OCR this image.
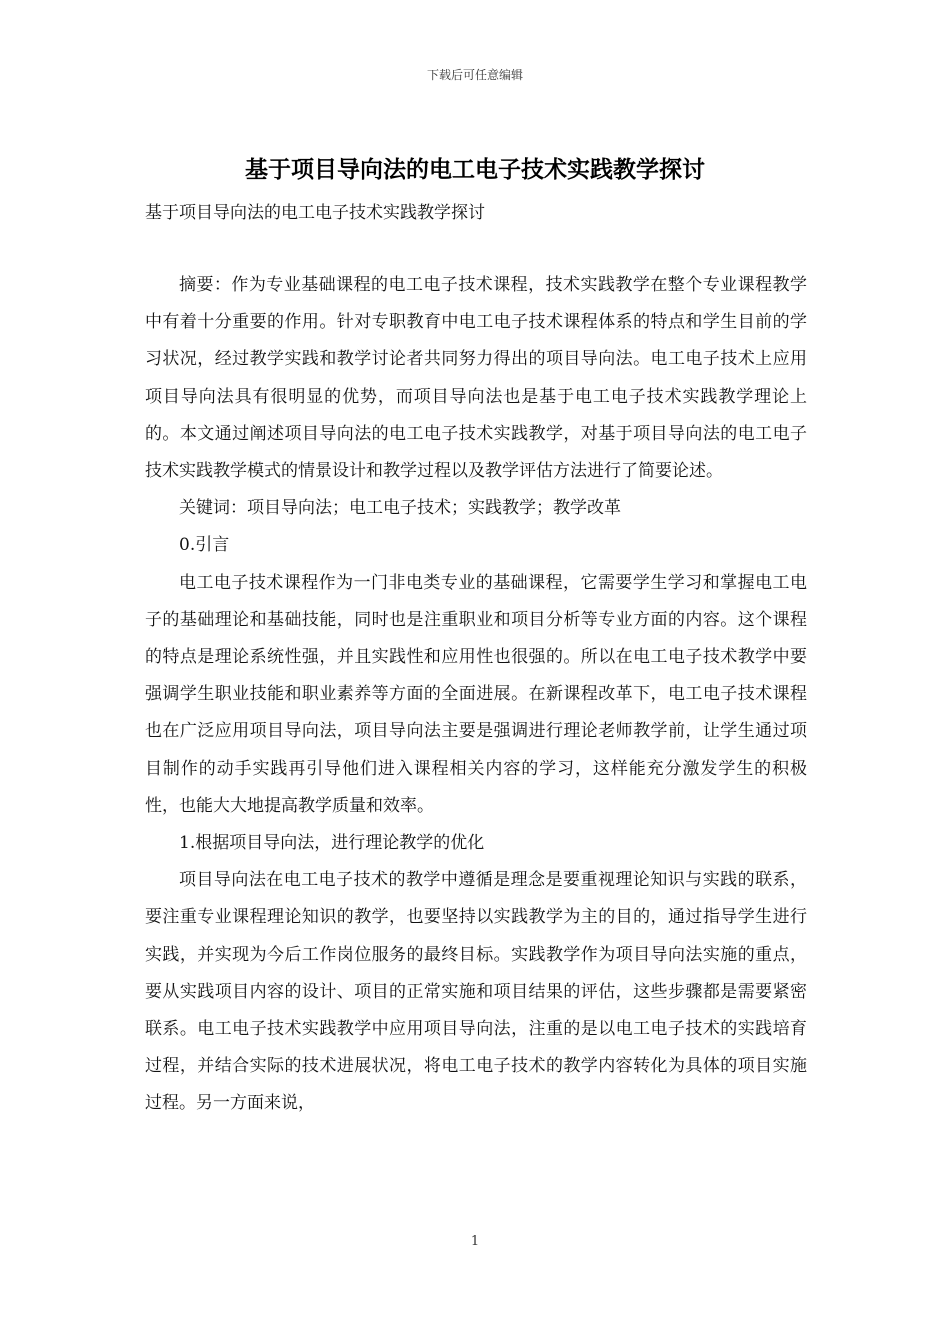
下载后可任意编辑
基于项目导向法的电工电子技术实践教学探讨
基于项目导向法的电工电子技术实践教学探讨

摘要：作为专业基础课程的电工电子技术课程，技术实践教学在整个专业课程教学中有着十分重要的作用。针对专职教育中电工电子技术课程体系的特点和学生目前的学习状况，经过教学实践和教学讨论者共同努力得出的项目导向法。电工电子技术上应用项目导向法具有很明显的优势，而项目导向法也是基于电工电子技术实践教学理论上的。本文通过阐述项目导向法的电工电子技术实践教学，对基于项目导向法的电工电子技术实践教学模式的情景设计和教学过程以及教学评估方法进行了简要论述。

关键词：项目导向法；电工电子技术；实践教学；教学改革

0.引言

电工电子技术课程作为一门非电类专业的基础课程，它需要学生学习和掌握电工电子的基础理论和基础技能，同时也是注重职业和项目分析等专业方面的内容。这个课程的特点是理论系统性强，并且实践性和应用性也很强的。所以在电工电子技术教学中要强调学生职业技能和职业素养等方面的全面进展。在新课程改革下，电工电子技术课程也在广泛应用项目导向法，项目导向法主要是强调进行理论老师教学前，让学生通过项目制作的动手实践再引导他们进入课程相关内容的学习，这样能充分激发学生的积极性，也能大大地提高教学质量和效率。

1.根据项目导向法，进行理论教学的优化

项目导向法在电工电子技术的教学中遵循是理念是要重视理论知识与实践的联系，要注重专业课程理论知识的教学，也要坚持以实践教学为主的目的，通过指导学生进行实践，并实现为今后工作岗位服务的最终目标。实践教学作为项目导向法实施的重点，要从实践项目内容的设计、项目的正常实施和项目结果的评估，这些步骤都是需要紧密联系。电工电子技术实践教学中应用项目导向法，注重的是以电工电子技术的实践培育过程，并结合实际的技术进展状况，将电工电子技术的教学内容转化为具体的项目实施过程。另一方面来说，

1
